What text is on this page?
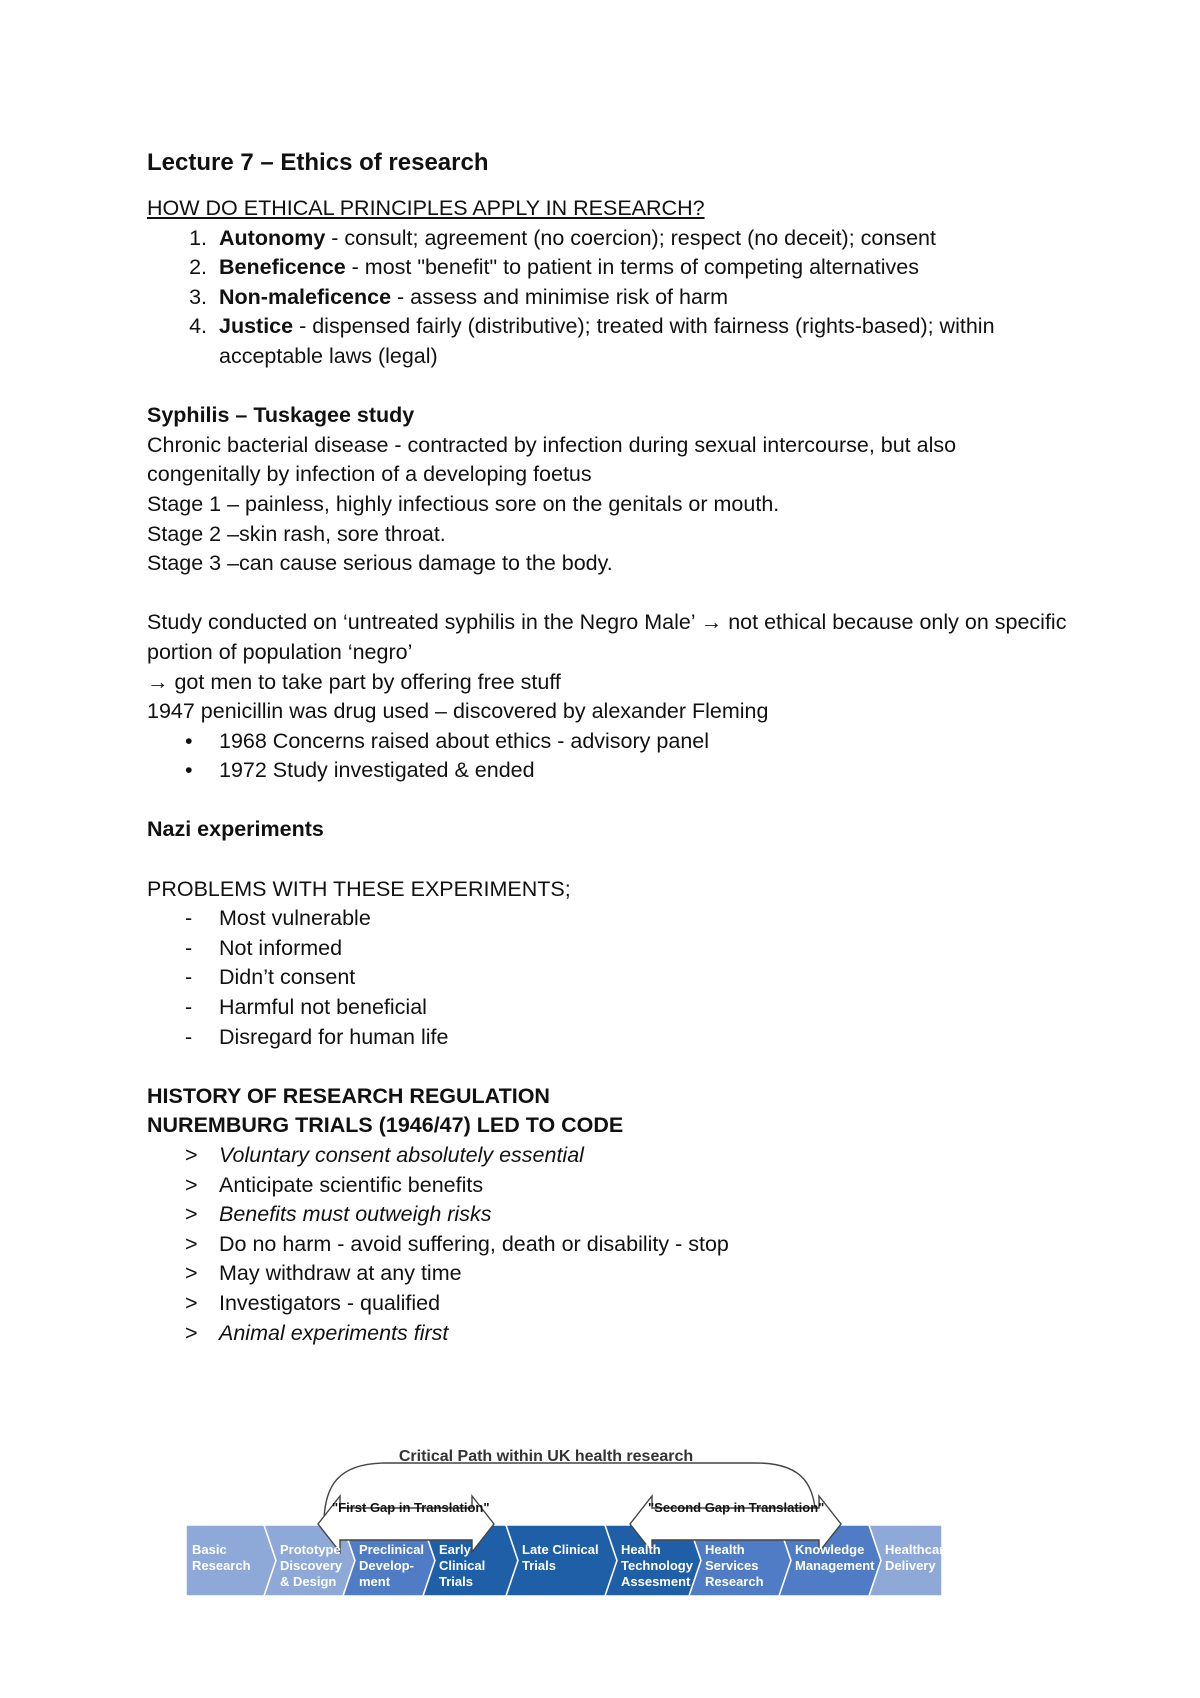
Lecture 7 – Ethics of research
HOW DO ETHICAL PRINCIPLES APPLY IN RESEARCH?
1. Autonomy - consult; agreement (no coercion); respect (no deceit); consent
2. Beneficence - most "benefit" to patient in terms of competing alternatives
3. Non-maleficence - assess and minimise risk of harm
4. Justice - dispensed fairly (distributive); treated with fairness (rights-based); within acceptable laws (legal)
Syphilis – Tuskagee study
Chronic bacterial disease - contracted by infection during sexual intercourse, but also congenitally by infection of a developing foetus
Stage 1 – painless, highly infectious sore on the genitals or mouth.
Stage 2 –skin rash, sore throat.
Stage 3 –can cause serious damage to the body.
Study conducted on ‘untreated syphilis in the Negro Male’ → not ethical because only on specific portion of population ‘negro’
→ got men to take part by offering free stuff
1947 penicillin was drug used – discovered by alexander Fleming
•	1968 Concerns raised about ethics - advisory panel
•	1972 Study investigated & ended
Nazi experiments
PROBLEMS WITH THESE EXPERIMENTS;
-	Most vulnerable
-	Not informed
-	Didn’t consent
-	Harmful not beneficial
-	Disregard for human life
HISTORY OF RESEARCH REGULATION
NUREMBURG TRIALS (1946/47) LED TO CODE
> Voluntary consent absolutely essential
> Anticipate scientific benefits
> Benefits must outweigh risks
> Do no harm - avoid suffering, death or disability - stop
> May withdraw at any time
> Investigators - qualified
> Animal experiments first
Critical Path within UK health research
"First Gap in Translation"	"Second Gap in Translation"
Basic
Research
Prototype
Discovery
& Design
Preclinical
Develop-
ment
Early
Clinical
Trials
Late Clinical
Trials
Health
Technology
Assesment
Health
Services
Research
Knowledge
Management
Healthcare
Delivery
